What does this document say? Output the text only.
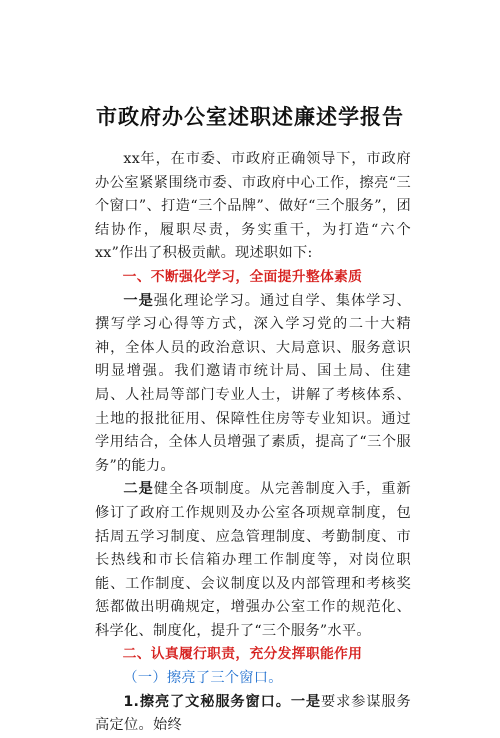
市政府办公室述职述廉述学报告

xx年，在市委、市政府正确领导下，市政府办公室紧紧围绕市委、市政府中心工作，擦亮“三个窗口”、打造“三个品牌”、做好“三个服务”，团结协作，履职尽责，务实重干，为打造“六个xx”作出了积极贡献。现述职如下:

一、不断强化学习，全面提升整体素质

一是强化理论学习。通过自学、集体学习、撰写学习心得等方式，深入学习党的二十大精神，全体人员的政治意识、大局意识、服务意识明显增强。我们邀请市统计局、国土局、住建局、人社局等部门专业人士，讲解了考核体系、土地的报批征用、保障性住房等专业知识。通过学用结合，全体人员增强了素质，提高了“三个服务”的能力。

二是健全各项制度。从完善制度入手，重新修订了政府工作规则及办公室各项规章制度，包括周五学习制度、应急管理制度、考勤制度、市长热线和市长信箱办理工作制度等，对岗位职能、工作制度、会议制度以及内部管理和考核奖惩都做出明确规定，增强办公室工作的规范化、科学化、制度化，提升了“三个服务”水平。

二、认真履行职责，充分发挥职能作用

（一）擦亮了三个窗口。

1.擦亮了文秘服务窗口。一是要求参谋服务高定位。始终
